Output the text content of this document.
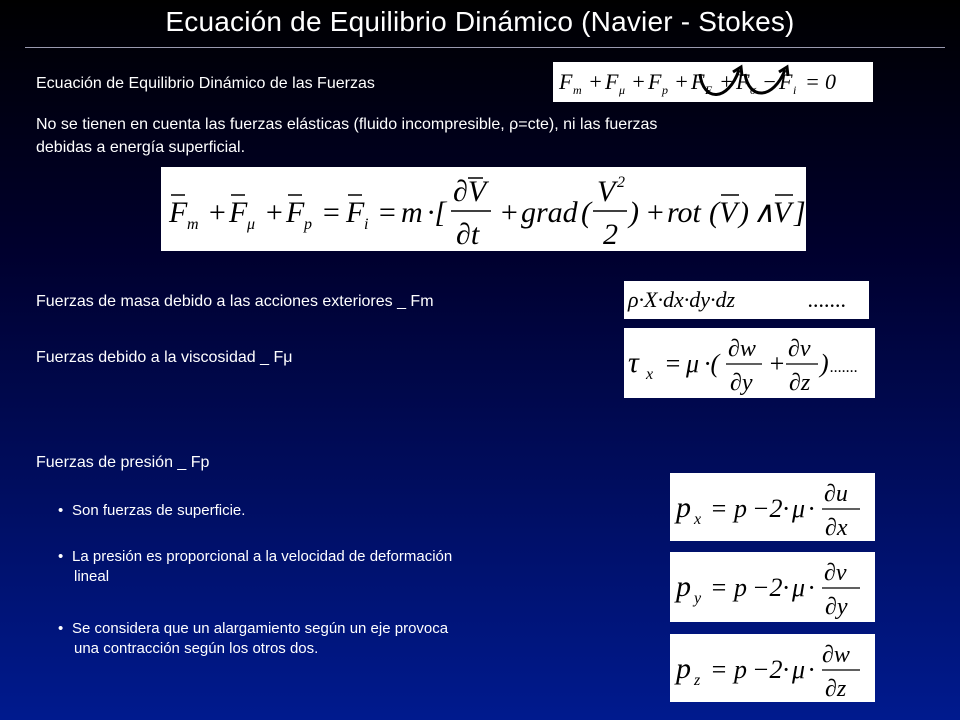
Ecuación de Equilibrio Dinámico (Navier - Stokes)
Ecuación de Equilibrio Dinámico de las Fuerzas	F m + F μ + F p + F E + F σ − F i = 0
No se tienen en cuenta las fuerzas elásticas (fluido incompresible, ρ=cte), ni las fuerzas
debidas a energía superficial.
F m + F μ + F p = F i = m ·[
∂V
∂t
+ grad (
V 2
2
) + rot ( V ) ∧
V ]
Fuerzas de masa debido a las acciones exteriores _ Fm	ρ·X·dx·dy·dz	.......
Fuerzas debido a la viscosidad _ Fμ	τ x = μ ·( ∂w
∂y
+ ∂v
∂z
) .......
Fuerzas de presión _ Fp
• Son fuerzas de superficie.
• La presión es proporcional a la velocidad de deformación
lineal
• Se considera que un alargamiento según un eje provoca
una contracción según los otros dos.
p x = p −2· μ · ∂u
∂x
p y = p −2· μ · ∂v
∂y
p z = p −2· μ · ∂w
∂z
